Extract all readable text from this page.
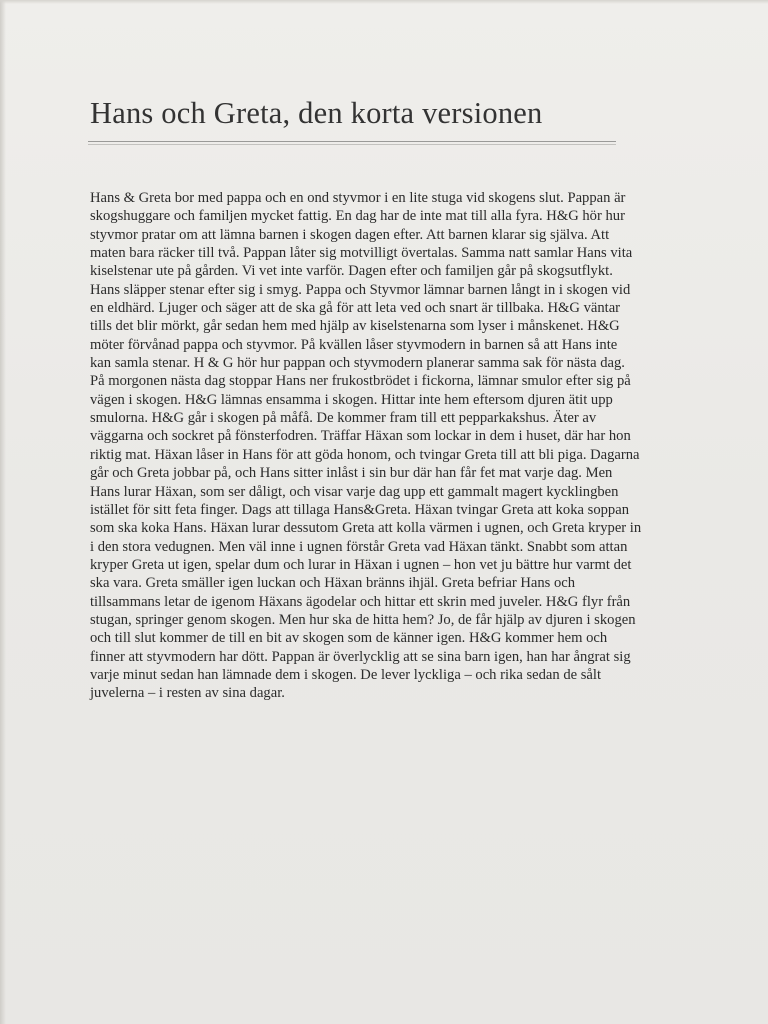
Hans och Greta, den korta versionen
Hans & Greta bor med pappa och en ond styvmor i en lite stuga vid skogens slut. Pappan är
skogshuggare och familjen mycket fattig. En dag har de inte mat till alla fyra. H&G hör hur
styvmor pratar om att lämna barnen i skogen dagen efter. Att barnen klarar sig själva. Att
maten bara räcker till två. Pappan låter sig motvilligt övertalas. Samma natt samlar Hans vita
kiselstenar ute på gården. Vi vet inte varför. Dagen efter och familjen går på skogsutflykt.
Hans släpper stenar efter sig i smyg. Pappa och Styvmor lämnar barnen långt in i skogen vid
en eldhärd. Ljuger och säger att de ska gå för att leta ved och snart är tillbaka. H&G väntar
tills det blir mörkt, går sedan hem med hjälp av kiselstenarna som lyser i månskenet. H&G
möter förvånad pappa och styvmor. På kvällen låser styvmodern in barnen så att Hans inte
kan samla stenar. H & G hör hur pappan och styvmodern planerar samma sak för nästa dag.
På morgonen nästa dag stoppar Hans ner frukostbrödet i fickorna, lämnar smulor efter sig på
vägen i skogen. H&G lämnas ensamma i skogen. Hittar inte hem eftersom djuren ätit upp
smulorna. H&G går i skogen på måfå. De kommer fram till ett pepparkakshus. Äter av
väggarna och sockret på fönsterfodren. Träffar Häxan som lockar in dem i huset, där har hon
riktig mat. Häxan låser in Hans för att göda honom, och tvingar Greta till att bli piga. Dagarna
går och Greta jobbar på, och Hans sitter inlåst i sin bur där han får fet mat varje dag. Men
Hans lurar Häxan, som ser dåligt, och visar varje dag upp ett gammalt magert kycklingben
istället för sitt feta finger. Dags att tillaga Hans&Greta. Häxan tvingar Greta att koka soppan
som ska koka Hans. Häxan lurar dessutom Greta att kolla värmen i ugnen, och Greta kryper in
i den stora vedugnen. Men väl inne i ugnen förstår Greta vad Häxan tänkt. Snabbt som attan
kryper Greta ut igen, spelar dum och lurar in Häxan i ugnen – hon vet ju bättre hur varmt det
ska vara. Greta smäller igen luckan och Häxan bränns ihjäl. Greta befriar Hans och
tillsammans letar de igenom Häxans ägodelar och hittar ett skrin med juveler. H&G flyr från
stugan, springer genom skogen. Men hur ska de hitta hem? Jo, de får hjälp av djuren i skogen
och till slut kommer de till en bit av skogen som de känner igen. H&G kommer hem och
finner att styvmodern har dött. Pappan är överlycklig att se sina barn igen, han har ångrat sig
varje minut sedan han lämnade dem i skogen. De lever lyckliga – och rika sedan de sålt
juvelerna – i resten av sina dagar.
